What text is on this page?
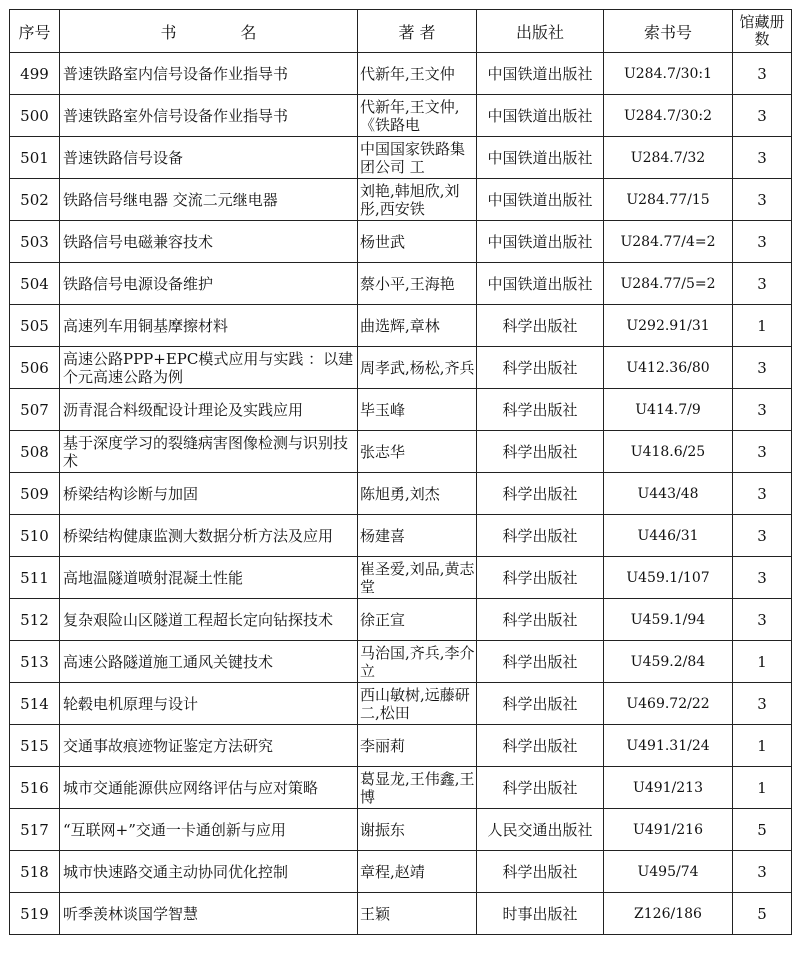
序号	书 名	著 者	出版社	索书号	馆藏册数

499	普速铁路室内信号设备作业指导书	代新年,王文仲	中国铁道出版社	U284.7/30:1	3

500	普速铁路室外信号设备作业指导书	代新年,王文仲,《铁路电	中国铁道出版社	U284.7/30:2	3

501	普速铁路信号设备	中国国家铁路集团公司 工	中国铁道出版社	U284.7/32	3

502	铁路信号继电器 交流二元继电器	刘艳,韩旭欣,刘彤,西安铁	中国铁道出版社	U284.77/15	3

503	铁路信号电磁兼容技术	杨世武	中国铁道出版社	U284.77/4=2	3

504	铁路信号电源设备维护	蔡小平,王海艳	中国铁道出版社	U284.77/5=2	3

505	高速列车用铜基摩擦材料	曲选辉,章林	科学出版社	U292.91/31	1

506	高速公路PPP+EPC模式应用与实践 ：以建个元高速公路为例	周孝武,杨松,齐兵	科学出版社	U412.36/80	3

507	沥青混合料级配设计理论及实践应用	毕玉峰	科学出版社	U414.7/9	3

508	基于深度学习的裂缝病害图像检测与识别技术	张志华	科学出版社	U418.6/25	3

509	桥梁结构诊断与加固	陈旭勇,刘杰	科学出版社	U443/48	3

510	桥梁结构健康监测大数据分析方法及应用	杨建喜	科学出版社	U446/31	3

511	高地温隧道喷射混凝土性能	崔圣爱,刘品,黄志堂	科学出版社	U459.1/107	3

512	复杂艰险山区隧道工程超长定向钻探技术	徐正宣	科学出版社	U459.1/94	3

513	高速公路隧道施工通风关键技术	马治国,齐兵,李介立	科学出版社	U459.2/84	1

514	轮毂电机原理与设计	西山敏树,远藤研二,松田	科学出版社	U469.72/22	3

515	交通事故痕迹物证鉴定方法研究	李丽莉	科学出版社	U491.31/24	1

516	城市交通能源供应网络评估与应对策略	葛显龙,王伟鑫,王博	科学出版社	U491/213	1

517	“互联网+”交通一卡通创新与应用	谢振东	人民交通出版社	U491/216	5

518	城市快速路交通主动协同优化控制	章程,赵靖	科学出版社	U495/74	3

519	听季羡林谈国学智慧	王颖	时事出版社	Z126/186	5
